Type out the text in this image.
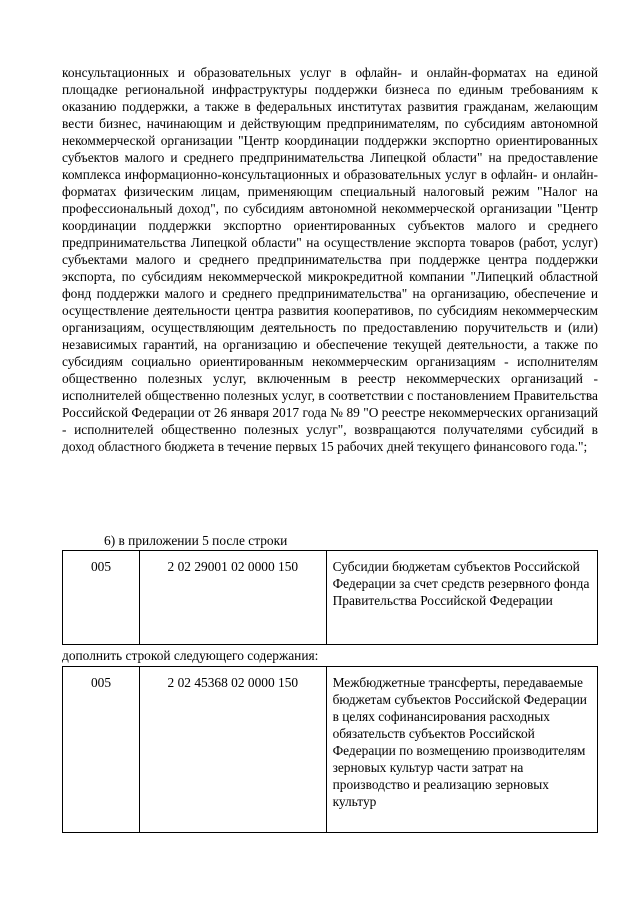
консультационных и образовательных услуг в офлайн- и онлайн-форматах на единой площадке региональной инфраструктуры поддержки бизнеса по единым требованиям к оказанию поддержки, а также в федеральных институтах развития гражданам, желающим вести бизнес, начинающим и действующим предпринимателям, по субсидиям автономной некоммерческой организации "Центр координации поддержки экспортно ориентированных субъектов малого и среднего предпринимательства Липецкой области" на предоставление комплекса информационно-консультационных и образовательных услуг в офлайн- и онлайн-форматах физическим лицам, применяющим специальный налоговый режим "Налог на профессиональный доход", по субсидиям автономной некоммерческой организации "Центр координации поддержки экспортно ориентированных субъектов малого и среднего предпринимательства Липецкой области" на осуществление экспорта товаров (работ, услуг) субъектами малого и среднего предпринимательства при поддержке центра поддержки экспорта, по субсидиям некоммерческой микрокредитной компании "Липецкий областной фонд поддержки малого и среднего предпринимательства" на организацию, обеспечение и осуществление деятельности центра развития кооперативов, по субсидиям некоммерческим организациям, осуществляющим деятельность по предоставлению поручительств и (или) независимых гарантий, на организацию и обеспечение текущей деятельности, а также по субсидиям социально ориентированным некоммерческим организациям - исполнителям общественно полезных услуг, включенным в реестр некоммерческих организаций - исполнителей общественно полезных услуг, в соответствии с постановлением Правительства Российской Федерации от 26 января 2017 года № 89 "О реестре некоммерческих организаций - исполнителей общественно полезных услуг", возвращаются получателями субсидий в доход областного бюджета в течение первых 15 рабочих дней текущего финансового года.";

6) в приложении 5 после строки

005	2 02 29001 02 0000 150	Субсидии бюджетам субъектов Российской Федерации за счет средств резервного фонда Правительства Российской Федерации

дополнить строкой следующего содержания:

005	2 02 45368 02 0000 150	Межбюджетные трансферты, передаваемые бюджетам субъектов Российской Федерации в целях софинансирования расходных обязательств субъектов Российской Федерации по возмещению производителям зерновых культур части затрат на производство и реализацию зерновых культур
